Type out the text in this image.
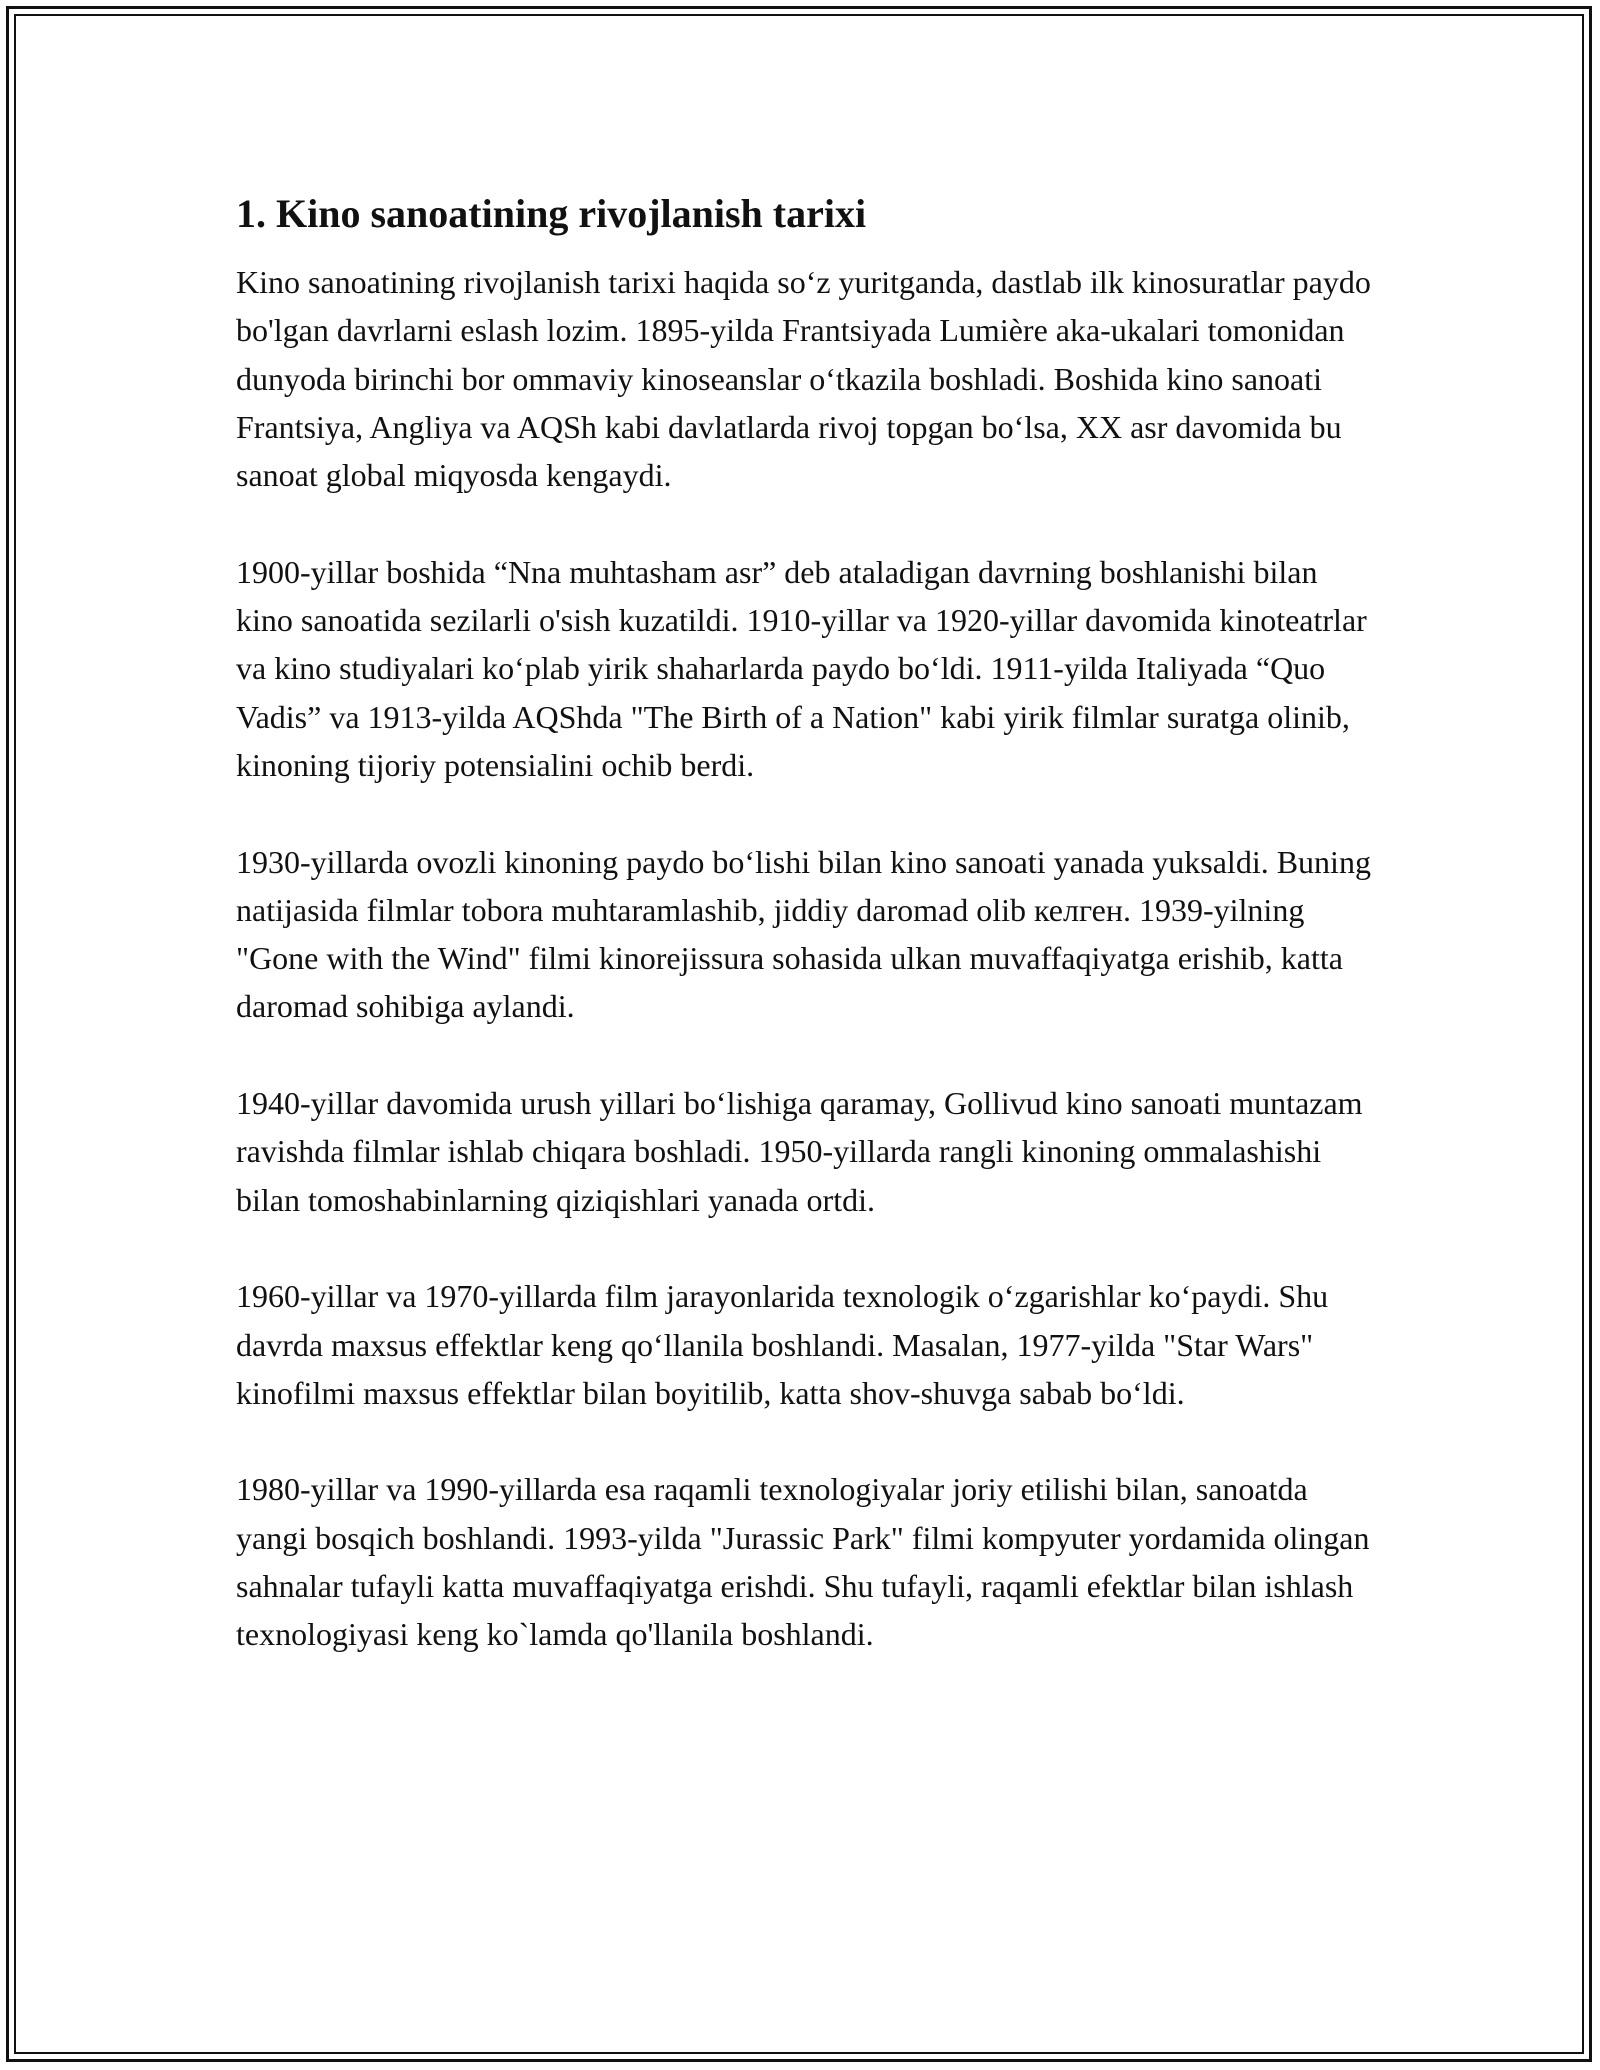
1. Kino sanoatining rivojlanish tarixi

Kino sanoatining rivojlanish tarixi haqida so‘z yuritganda, dastlab ilk kinosuratlar paydo bo'lgan davrlarni eslash lozim. 1895-yilda Frantsiyada Lumière aka-ukalari tomonidan dunyoda birinchi bor ommaviy kinoseanslar o‘tkazila boshladi. Boshida kino sanoati Frantsiya, Angliya va AQSh kabi davlatlarda rivoj topgan bo‘lsa, XX asr davomida bu sanoat global miqyosda kengaydi.

1900-yillar boshida “Nna muhtasham asr” deb ataladigan davrning boshlanishi bilan kino sanoatida sezilarli o'sish kuzatildi. 1910-yillar va 1920-yillar davomida kinoteatrlar va kino studiyalari ko‘plab yirik shaharlarda paydo bo‘ldi. 1911-yilda Italiyada “Quo Vadis” va 1913-yilda AQShda "The Birth of a Nation" kabi yirik filmlar suratga olinib, kinoning tijoriy potensialini ochib berdi.

1930-yillarda ovozli kinoning paydo bo‘lishi bilan kino sanoati yanada yuksaldi. Buning natijasida filmlar tobora muhtaramlashib, jiddiy daromad olib келген. 1939-yilning "Gone with the Wind" filmi kinorejissura sohasida ulkan muvaffaqiyatga erishib, katta daromad sohibiga aylandi.

1940-yillar davomida urush yillari bo‘lishiga qaramay, Gollivud kino sanoati muntazam ravishda filmlar ishlab chiqara boshladi. 1950-yillarda rangli kinoning ommalashishi bilan tomoshabinlarning qiziqishlari yanada ortdi.

1960-yillar va 1970-yillarda film jarayonlarida texnologik o‘zgarishlar ko‘paydi. Shu davrda maxsus effektlar keng qo‘llanila boshlandi. Masalan, 1977-yilda "Star Wars" kinofilmi maxsus effektlar bilan boyitilib, katta shov-shuvga sabab bo‘ldi.

1980-yillar va 1990-yillarda esa raqamli texnologiyalar joriy etilishi bilan, sanoatda yangi bosqich boshlandi. 1993-yilda "Jurassic Park" filmi kompyuter yordamida olingan sahnalar tufayli katta muvaffaqiyatga erishdi. Shu tufayli, raqamli efektlar bilan ishlash texnologiyasi keng ko`lamda qo'llanila boshlandi.
